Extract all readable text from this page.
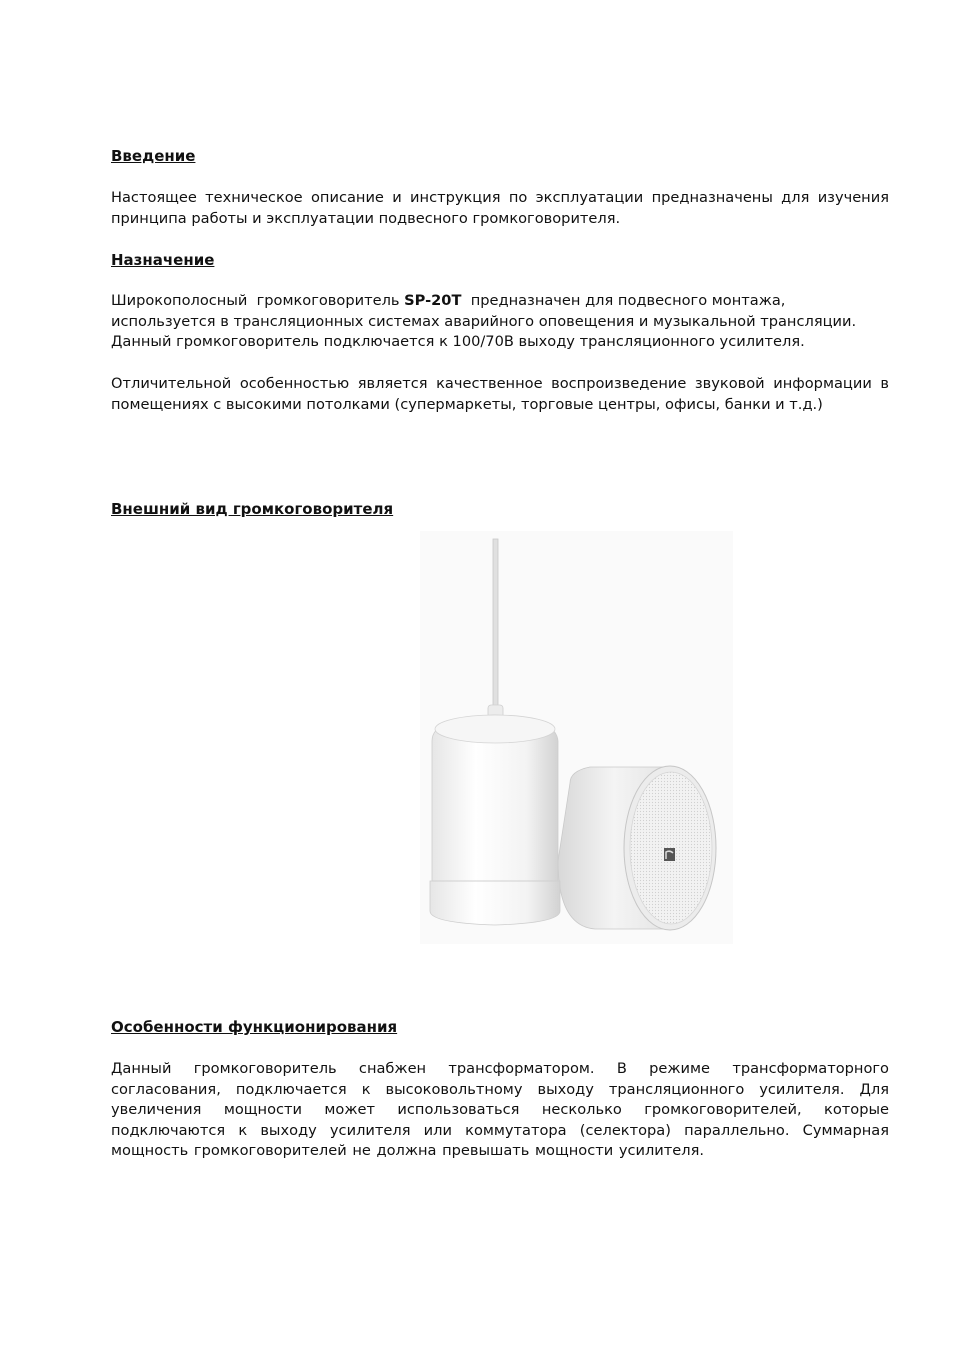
Введение

Настоящее техническое описание и инструкция по эксплуатации предназначены для изучения принципа работы и эксплуатации подвесного громкоговорителя.

Назначение
Широкополосный  громкоговоритель SP-20T  предназначен для подвесного монтажа,
используется в трансляционных системах аварийного оповещения и музыкальной трансляции.
Данный громкоговоритель подключается к 100/70В выходу трансляционного усилителя.

Отличительной особенностью является качественное воспроизведение звуковой информации в помещениях с высокими потолками (супермаркеты, торговые центры, офисы, банки и т.д.)

Внешний вид громкоговорителя
Особенности функционирования

Данный громкоговоритель снабжен трансформатором. В режиме трансформаторного согласования, подключается к высоковольтному выходу трансляционного усилителя. Для увеличения мощности может использоваться несколько громкоговорителей, которые подключаются к выходу усилителя или коммутатора (селектора) параллельно. Суммарная мощность громкоговорителей не должна превышать мощности усилителя.
